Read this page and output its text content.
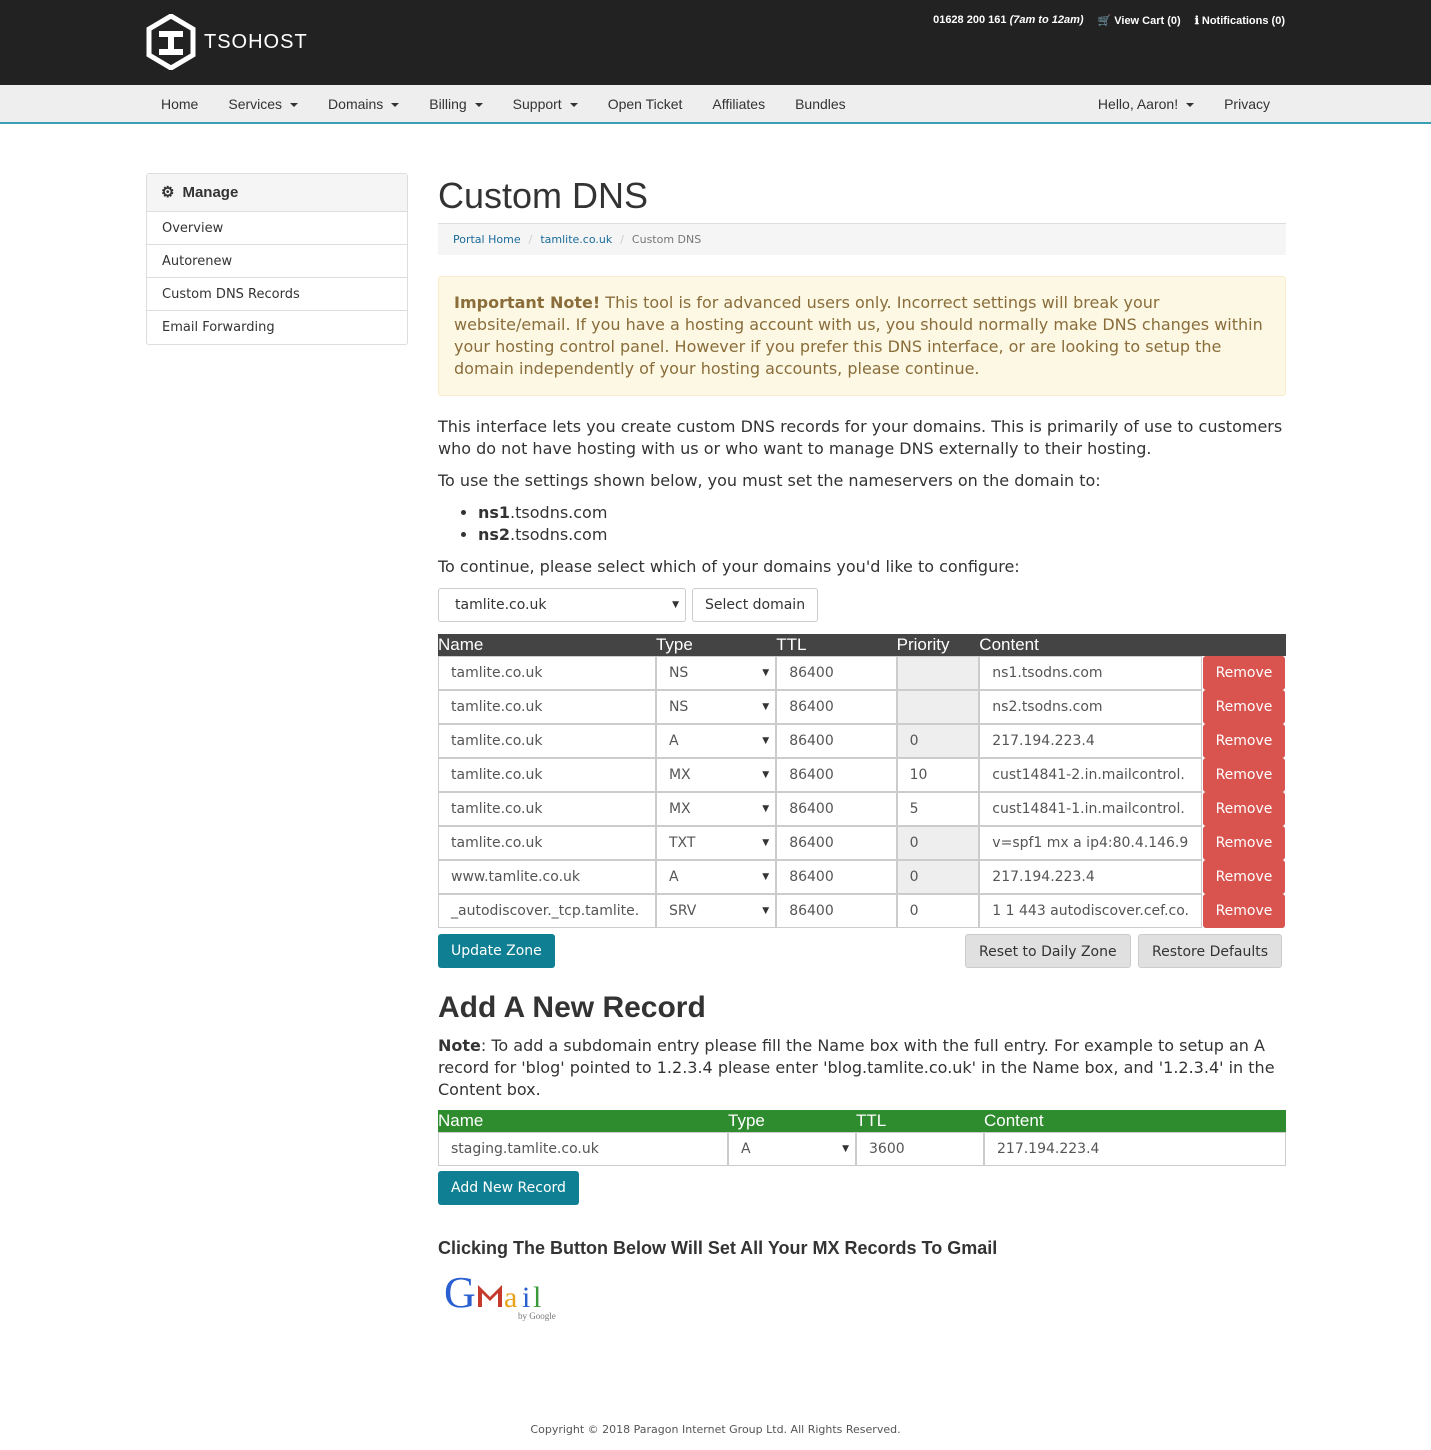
TSOHOST
01628 200 161 (7am to 12am) 🛒 View Cart (0) ℹ Notifications (0)
Home	Services	Domains	Billing	Support	Open Ticket	Affiliates	Bundles	Hello, Aaron!	Privacy
⚙ Manage
Overview
Autorenew
Custom DNS Records
Email Forwarding
Custom DNS
Portal Home / tamlite.co.uk / Custom DNS
Important Note! This tool is for advanced users only. Incorrect settings will break your website/email. If you have a hosting account with us, you should normally make DNS changes within your hosting control panel. However if you prefer this DNS interface, or are looking to setup the domain independently of your hosting accounts, please continue.

This interface lets you create custom DNS records for your domains. This is primarily of use to customers who do not have hosting with us or who want to manage DNS externally to their hosting.

To use the settings shown below, you must set the nameservers on the domain to:

• ns1.tsodns.com
• ns2.tsodns.com

To continue, please select which of your domains you'd like to configure:

tamlite.co.uk	▼	Select domain
Name	Type	TTL	Priority	Content	

tamlite.co.uk	NS ▼	86400		ns1.tsodns.com	Remove

tamlite.co.uk	NS ▼	86400		ns2.tsodns.com	Remove

tamlite.co.uk	A ▼	86400	0	217.194.223.4	Remove

tamlite.co.uk	MX ▼	86400	10	cust14841-2.in.mailcontrol.	Remove

tamlite.co.uk	MX ▼	86400	5	cust14841-1.in.mailcontrol.	Remove

tamlite.co.uk	TXT ▼	86400	0	v=spf1 mx a ip4:80.4.146.9	Remove

www.tamlite.co.uk	A ▼	86400	0	217.194.223.4	Remove

_autodiscover._tcp.tamlite.	SRV ▼	86400	0	1 1 443 autodiscover.cef.co.	Remove
Update Zone	Reset to Daily Zone	Restore Defaults
Add A New Record

Note: To add a subdomain entry please fill the Name box with the full entry. For example to setup an A record for 'blog' pointed to 1.2.3.4 please enter 'blog.tamlite.co.uk' in the Name box, and '1.2.3.4' in the Content box.

Name	Type	TTL	Content

staging.tamlite.co.uk	A ▼	3600	217.194.223.4
Add New Record
Clicking The Button Below Will Set All Your MX Records To Gmail
G a i l
by Google
Copyright © 2018 Paragon Internet Group Ltd. All Rights Reserved.
